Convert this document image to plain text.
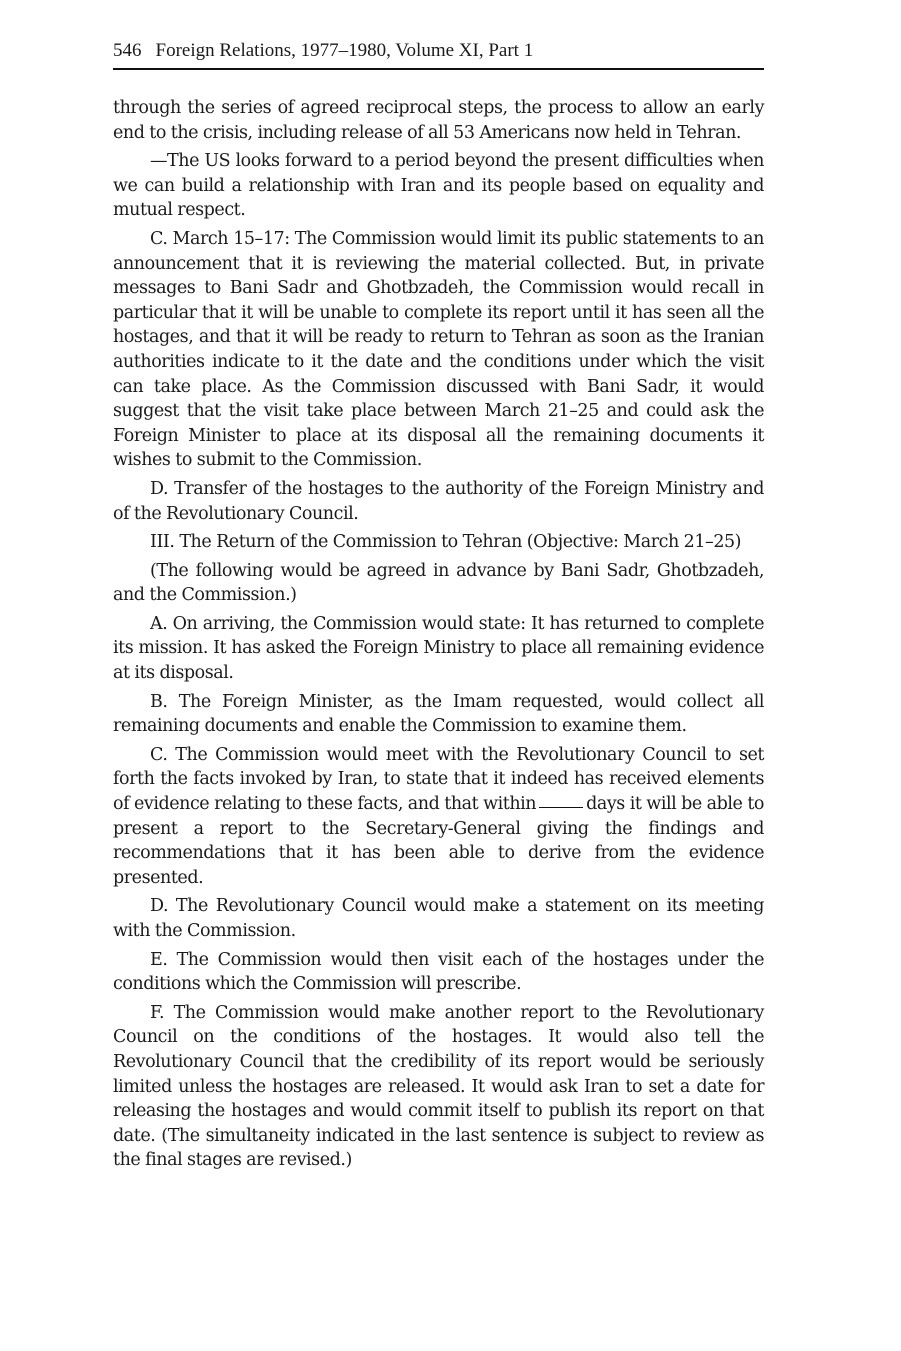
546 Foreign Relations, 1977–1980, Volume XI, Part 1

through the series of agreed reciprocal steps, the process to allow an early end to the crisis, including release of all 53 Americans now held in Tehran.

—The US looks forward to a period beyond the present difficulties when we can build a relationship with Iran and its people based on equality and mutual respect.

C. March 15–17: The Commission would limit its public statements to an announcement that it is reviewing the material collected. But, in private messages to Bani Sadr and Ghotbzadeh, the Commission would recall in particular that it will be unable to complete its report until it has seen all the hostages, and that it will be ready to return to Tehran as soon as the Iranian authorities indicate to it the date and the conditions under which the visit can take place. As the Commission discussed with Bani Sadr, it would suggest that the visit take place between March 21–25 and could ask the Foreign Minister to place at its disposal all the remaining documents it wishes to submit to the Commission.

D. Transfer of the hostages to the authority of the Foreign Ministry and of the Revolutionary Council.

III. The Return of the Commission to Tehran (Objective: March 21–25)

(The following would be agreed in advance by Bani Sadr, Ghotbzadeh, and the Commission.)

A. On arriving, the Commission would state: It has returned to complete its mission. It has asked the Foreign Ministry to place all remaining evidence at its disposal.

B. The Foreign Minister, as the Imam requested, would collect all remaining documents and enable the Commission to examine them.

C. The Commission would meet with the Revolutionary Council to set forth the facts invoked by Iran, to state that it indeed has received elements of evidence relating to these facts, and that within	days it will be able to present a report to the Secretary-General giving the findings and recommendations that it has been able to derive from the evidence presented.

D. The Revolutionary Council would make a statement on its meeting with the Commission.

E. The Commission would then visit each of the hostages under the conditions which the Commission will prescribe.

F. The Commission would make another report to the Revolutionary Council on the conditions of the hostages. It would also tell the Revolutionary Council that the credibility of its report would be seriously limited unless the hostages are released. It would ask Iran to set a date for releasing the hostages and would commit itself to publish its report on that date. (The simultaneity indicated in the last sentence is subject to review as the final stages are revised.)
